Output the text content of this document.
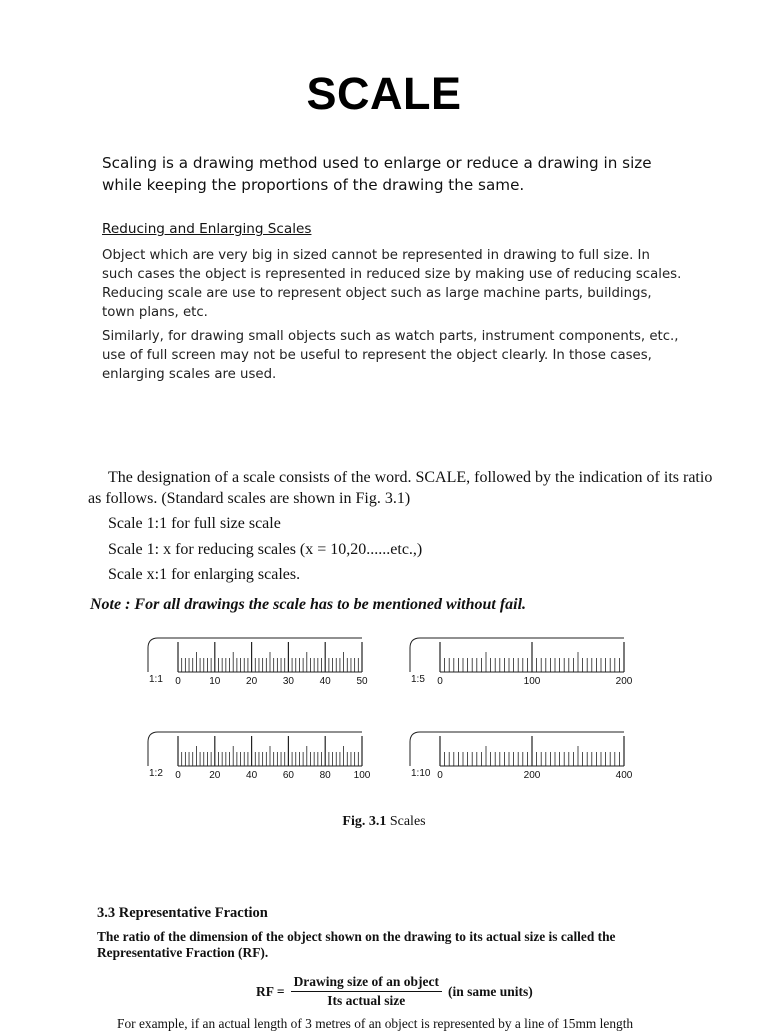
SCALE
Scaling is a drawing method used to enlarge or reduce a drawing in size
while keeping the proportions of the drawing the same.
Reducing and Enlarging Scales
Object which are very big in sized cannot be represented in drawing to full size. In such cases the object is represented in reduced size by making use of reducing scales. Reducing scale are use to represent object such as large machine parts, buildings, town plans, etc.
Similarly, for drawing small objects such as watch parts, instrument components, etc., use of full screen may not be useful to represent the object clearly. In those cases, enlarging scales are used.
The designation of a scale consists of the word. SCALE, followed by the indication of its ratio
as follows. (Standard scales are shown in Fig. 3.1)
Scale 1:1 for full size scale
Scale 1: x for reducing scales (x = 10,20......etc.,)
Scale x:1 for enlarging scales.
Note : For all drawings the scale has to be mentioned without fail.
1:1 0	10	20	30	40	50	1:5 0	100	200
1:2 0	20	40	60	80 100	1:10 0	200	400
Fig. 3.1 Scales
3.3 Representative Fraction
The ratio of the dimension of the object shown on the drawing to its actual size is called the Representative Fraction (RF).
RF = $\frac{\text{Drawing size of an object}}{\text{Its actual size}} (in$ same units)
For example, if an actual length of 3 metres of an object is represented by a line of 15mm length
